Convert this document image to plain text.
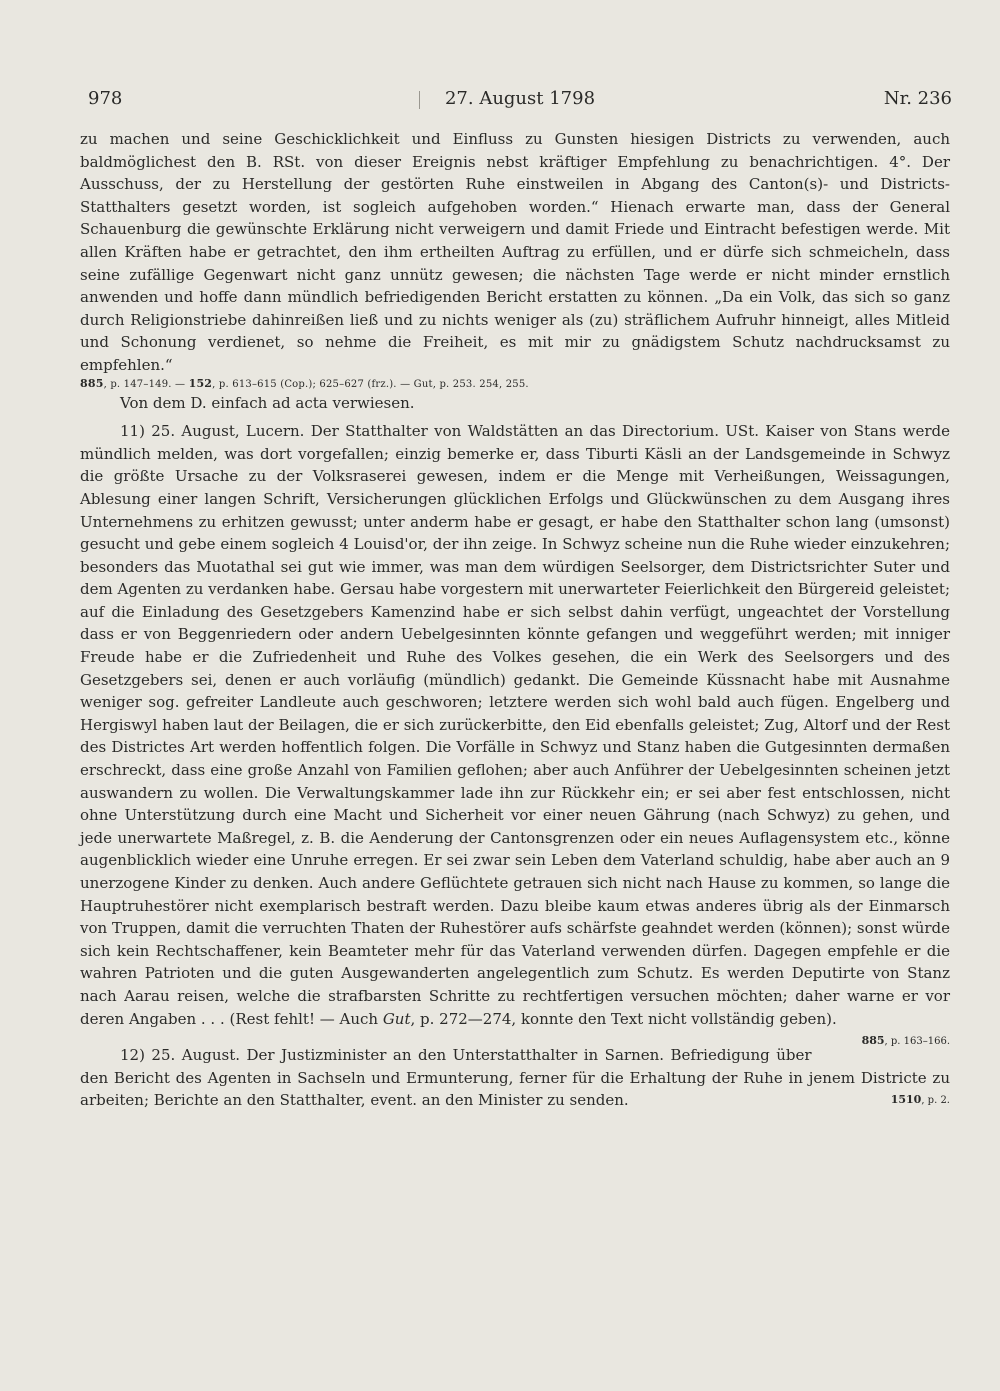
978	27. August 1798	Nr. 236

zu machen und seine Geschicklichkeit und Einfluss zu Gunsten hiesigen Districts zu verwenden, auch baldmöglichest den B. RSt. von dieser Ereignis nebst kräftiger Empfehlung zu benachrichtigen. 4°. Der Ausschuss, der zu Herstellung der gestörten Ruhe einstweilen in Abgang des Canton(s)- und Districts-Statthalters gesetzt worden, ist sogleich aufgehoben worden.“ Hienach erwarte man, dass der General Schauenburg die gewünschte Erklärung nicht verweigern und damit Friede und Eintracht befestigen werde. Mit allen Kräften habe er getrachtet, den ihm ertheilten Auftrag zu erfüllen, und er dürfe sich schmeicheln, dass seine zufällige Gegenwart nicht ganz unnütz gewesen; die nächsten Tage werde er nicht minder ernstlich anwenden und hoffe dann mündlich befriedigenden Bericht erstatten zu können. „Da ein Volk, das sich so ganz durch Religionstriebe dahinreißen ließ und zu nichts weniger als (zu) sträflichem Aufruhr hinneigt, alles Mitleid und Schonung verdienet, so nehme die Freiheit, es mit mir zu gnädigstem Schutz nachdrucksamst zu empfehlen.“

885, p. 147–149. — 152, p. 613–615 (Cop.); 625–627 (frz.). — Gut, p. 253. 254, 255.

Von dem D. einfach ad acta verwiesen.

11) 25. August, Lucern. Der Statthalter von Waldstätten an das Directorium. USt. Kaiser von Stans werde mündlich melden, was dort vorgefallen; einzig bemerke er, dass Tiburti Käsli an der Landsgemeinde in Schwyz die größte Ursache zu der Volksraserei gewesen, indem er die Menge mit Verheißungen, Weissagungen, Ablesung einer langen Schrift, Versicherungen glücklichen Erfolgs und Glückwünschen zu dem Ausgang ihres Unternehmens zu erhitzen gewusst; unter anderm habe er gesagt, er habe den Statthalter schon lang (umsonst) gesucht und gebe einem sogleich 4 Louisd'or, der ihn zeige. In Schwyz scheine nun die Ruhe wieder einzukehren; besonders das Muotathal sei gut wie immer, was man dem würdigen Seelsorger, dem Districtsrichter Suter und dem Agenten zu verdanken habe. Gersau habe vorgestern mit unerwarteter Feierlichkeit den Bürgereid geleistet; auf die Einladung des Gesetzgebers Kamenzind habe er sich selbst dahin verfügt, ungeachtet der Vorstellung dass er von Beggenriedern oder andern Uebelgesinnten könnte gefangen und weggeführt werden; mit inniger Freude habe er die Zufriedenheit und Ruhe des Volkes gesehen, die ein Werk des Seelsorgers und des Gesetzgebers sei, denen er auch vorläufig (mündlich) gedankt. Die Gemeinde Küssnacht habe mit Ausnahme weniger sog. gefreiter Landleute auch geschworen; letztere werden sich wohl bald auch fügen. Engelberg und Hergiswyl haben laut der Beilagen, die er sich zurückerbitte, den Eid ebenfalls geleistet; Zug, Altorf und der Rest des Districtes Art werden hoffentlich folgen. Die Vorfälle in Schwyz und Stanz haben die Gutgesinnten dermaßen erschreckt, dass eine große Anzahl von Familien geflohen; aber auch Anführer der Uebelgesinnten scheinen jetzt auswandern zu wollen. Die Verwaltungskammer lade ihn zur Rückkehr ein; er sei aber fest entschlossen, nicht ohne Unterstützung durch eine Macht und Sicherheit vor einer neuen Gährung (nach Schwyz) zu gehen, und jede unerwartete Maßregel, z. B. die Aenderung der Cantonsgrenzen oder ein neues Auflagensystem etc., könne augenblicklich wieder eine Unruhe erregen. Er sei zwar sein Leben dem Vaterland schuldig, habe aber auch an 9 unerzogene Kinder zu denken. Auch andere Geflüchtete getrauen sich nicht nach Hause zu kommen, so lange die Hauptruhestörer nicht exemplarisch bestraft werden. Dazu bleibe kaum etwas anderes übrig als der Einmarsch von Truppen, damit die verruchten Thaten der Ruhestörer aufs schärfste geahndet werden (können); sonst würde sich kein Rechtschaffener, kein Beamteter mehr für das Vaterland verwenden dürfen. Dagegen empfehle er die wahren Patrioten und die guten Ausgewanderten angelegentlich zum Schutz. Es werden Deputirte von Stanz nach Aarau reisen, welche die strafbarsten Schritte zu rechtfertigen versuchen möchten; daher warne er vor deren Angaben . . . (Rest fehlt! — Auch Gut, p. 272—274, konnte den Text nicht vollständig geben).
885, p. 163–166.

12) 25. August. Der Justizminister an den Unterstatthalter in Sarnen. Befriedigung über den Bericht des Agenten in Sachseln und Ermunterung, ferner für die Erhaltung der Ruhe in jenem Districte zu arbeiten; Berichte an den Statthalter, event. an den Minister zu senden.	1510, p. 2.
